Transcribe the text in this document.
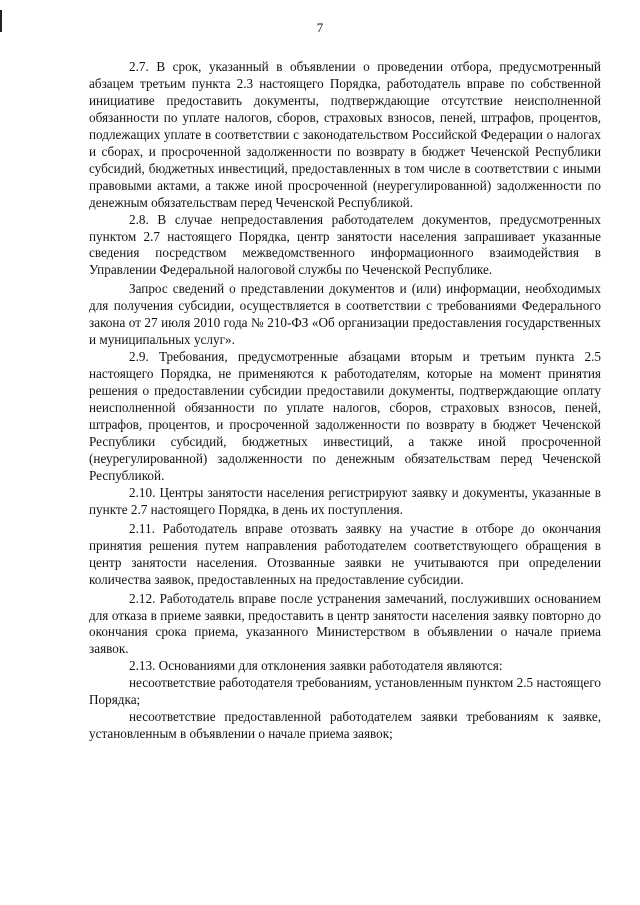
7

2.7. В срок, указанный в объявлении о проведении отбора, предусмотренный абзацем третьим пункта 2.3 настоящего Порядка, работодатель вправе по собственной инициативе предоставить документы, подтверждающие отсутствие неисполненной обязанности по уплате налогов, сборов, страховых взносов, пеней, штрафов, процентов, подлежащих уплате в соответствии с законодательством Российской Федерации о налогах и сборах, и просроченной задолженности по возврату в бюджет Чеченской Республики субсидий, бюджетных инвестиций, предоставленных в том числе в соответствии с иными правовыми актами, а также иной просроченной (неурегулированной) задолженности по денежным обязательствам перед Чеченской Республикой.

2.8. В случае непредоставления работодателем документов, предусмотренных пунктом 2.7 настоящего Порядка, центр занятости населения запрашивает указанные сведения посредством межведомственного информационного взаимодействия в Управлении Федеральной налоговой службы по Чеченской Республике.

Запрос сведений о представлении документов и (или) информации, необходимых для получения субсидии, осуществляется в соответствии с требованиями Федерального закона от 27 июля 2010 года № 210-ФЗ «Об организации предоставления государственных и муниципальных услуг».

2.9. Требования, предусмотренные абзацами вторым и третьим пункта 2.5 настоящего Порядка, не применяются к работодателям, которые на момент принятия решения о предоставлении субсидии предоставили документы, подтверждающие оплату неисполненной обязанности по уплате налогов, сборов, страховых взносов, пеней, штрафов, процентов, и просроченной задолженности по возврату в бюджет Чеченской Республики субсидий, бюджетных инвестиций, а также иной просроченной (неурегулированной) задолженности по денежным обязательствам перед Чеченской Республикой.

2.10. Центры занятости населения регистрируют заявку и документы, указанные в пункте 2.7 настоящего Порядка, в день их поступления.

2.11. Работодатель вправе отозвать заявку на участие в отборе до окончания принятия решения путем направления работодателем соответствующего обращения в центр занятости населения. Отозванные заявки не учитываются при определении количества заявок, предоставленных на предоставление субсидии.

2.12. Работодатель вправе после устранения замечаний, послуживших основанием для отказа в приеме заявки, предоставить в центр занятости населения заявку повторно до окончания срока приема, указанного Министерством в объявлении о начале приема заявок.

2.13. Основаниями для отклонения заявки работодателя являются:

несоответствие работодателя требованиям, установленным пунктом 2.5 настоящего Порядка;

несоответствие предоставленной работодателем заявки требованиям к заявке, установленным в объявлении о начале приема заявок;
